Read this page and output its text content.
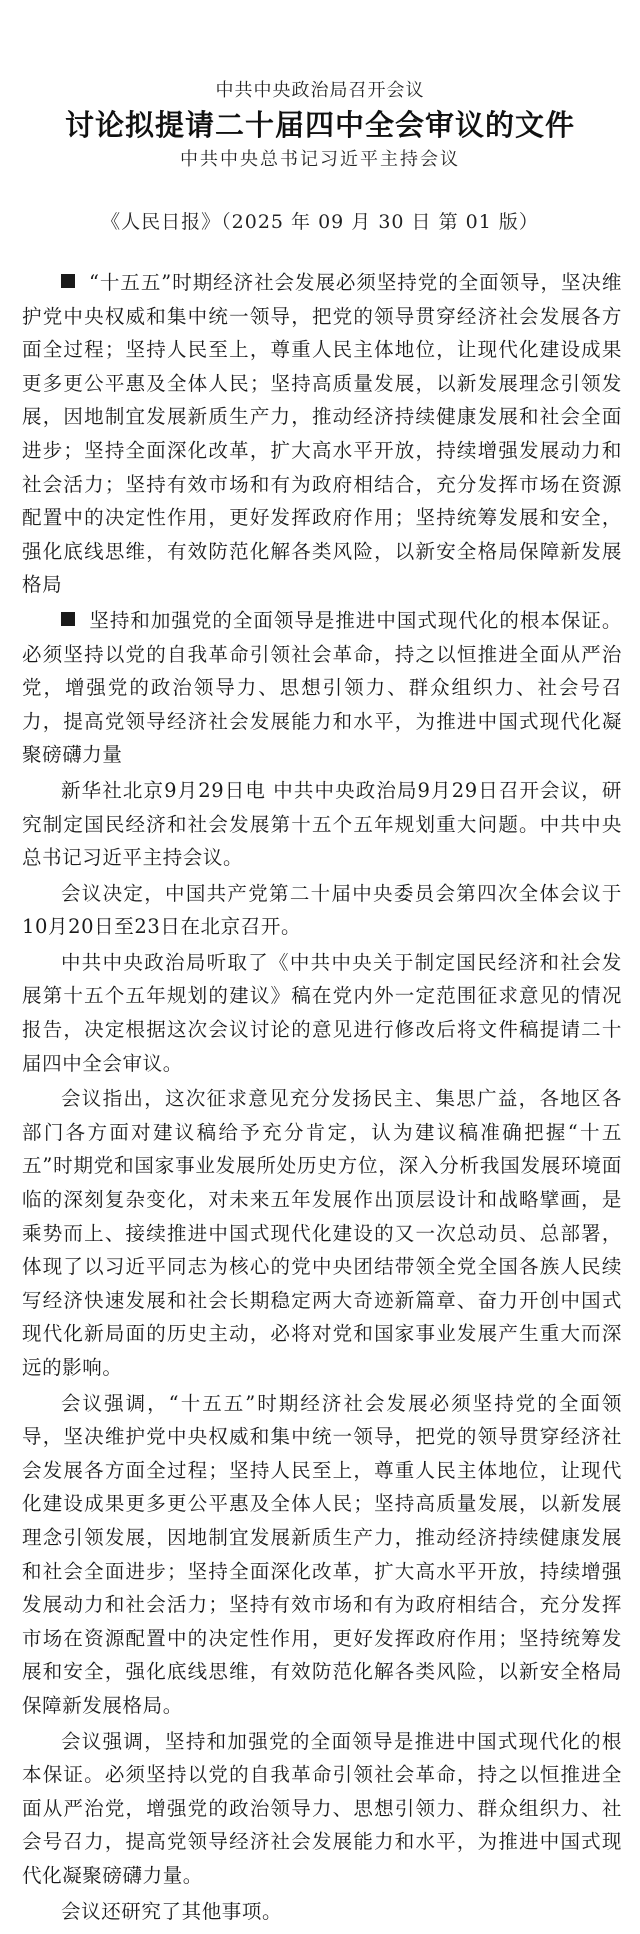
中共中央政治局召开会议
讨论拟提请二十届四中全会审议的文件
中共中央总书记习近平主持会议
《人民日报》（2025 年 09 月 30 日 第 01 版）

“十五五”时期经济社会发展必须坚持党的全面领导，坚决维护党中央权威和集中统一领导，把党的领导贯穿经济社会发展各方面全过程；坚持人民至上，尊重人民主体地位，让现代化建设成果更多更公平惠及全体人民；坚持高质量发展，以新发展理念引领发展，因地制宜发展新质生产力，推动经济持续健康发展和社会全面进步；坚持全面深化改革，扩大高水平开放，持续增强发展动力和社会活力；坚持有效市场和有为政府相结合，充分发挥市场在资源配置中的决定性作用，更好发挥政府作用；坚持统筹发展和安全，强化底线思维，有效防范化解各类风险，以新安全格局保障新发展格局

坚持和加强党的全面领导是推进中国式现代化的根本保证。必须坚持以党的自我革命引领社会革命，持之以恒推进全面从严治党，增强党的政治领导力、思想引领力、群众组织力、社会号召力，提高党领导经济社会发展能力和水平，为推进中国式现代化凝聚磅礴力量

新华社北京9月29日电 中共中央政治局9月29日召开会议，研究制定国民经济和社会发展第十五个五年规划重大问题。中共中央总书记习近平主持会议。

会议决定，中国共产党第二十届中央委员会第四次全体会议于10月20日至23日在北京召开。

中共中央政治局听取了《中共中央关于制定国民经济和社会发展第十五个五年规划的建议》稿在党内外一定范围征求意见的情况报告，决定根据这次会议讨论的意见进行修改后将文件稿提请二十届四中全会审议。

会议指出，这次征求意见充分发扬民主、集思广益，各地区各部门各方面对建议稿给予充分肯定，认为建议稿准确把握“十五五”时期党和国家事业发展所处历史方位，深入分析我国发展环境面临的深刻复杂变化，对未来五年发展作出顶层设计和战略擘画，是乘势而上、接续推进中国式现代化建设的又一次总动员、总部署，体现了以习近平同志为核心的党中央团结带领全党全国各族人民续写经济快速发展和社会长期稳定两大奇迹新篇章、奋力开创中国式现代化新局面的历史主动，必将对党和国家事业发展产生重大而深远的影响。

会议强调，“十五五”时期经济社会发展必须坚持党的全面领导，坚决维护党中央权威和集中统一领导，把党的领导贯穿经济社会发展各方面全过程；坚持人民至上，尊重人民主体地位，让现代化建设成果更多更公平惠及全体人民；坚持高质量发展，以新发展理念引领发展，因地制宜发展新质生产力，推动经济持续健康发展和社会全面进步；坚持全面深化改革，扩大高水平开放，持续增强发展动力和社会活力；坚持有效市场和有为政府相结合，充分发挥市场在资源配置中的决定性作用，更好发挥政府作用；坚持统筹发展和安全，强化底线思维，有效防范化解各类风险，以新安全格局保障新发展格局。

会议强调，坚持和加强党的全面领导是推进中国式现代化的根本保证。必须坚持以党的自我革命引领社会革命，持之以恒推进全面从严治党，增强党的政治领导力、思想引领力、群众组织力、社会号召力，提高党领导经济社会发展能力和水平，为推进中国式现代化凝聚磅礴力量。

会议还研究了其他事项。
